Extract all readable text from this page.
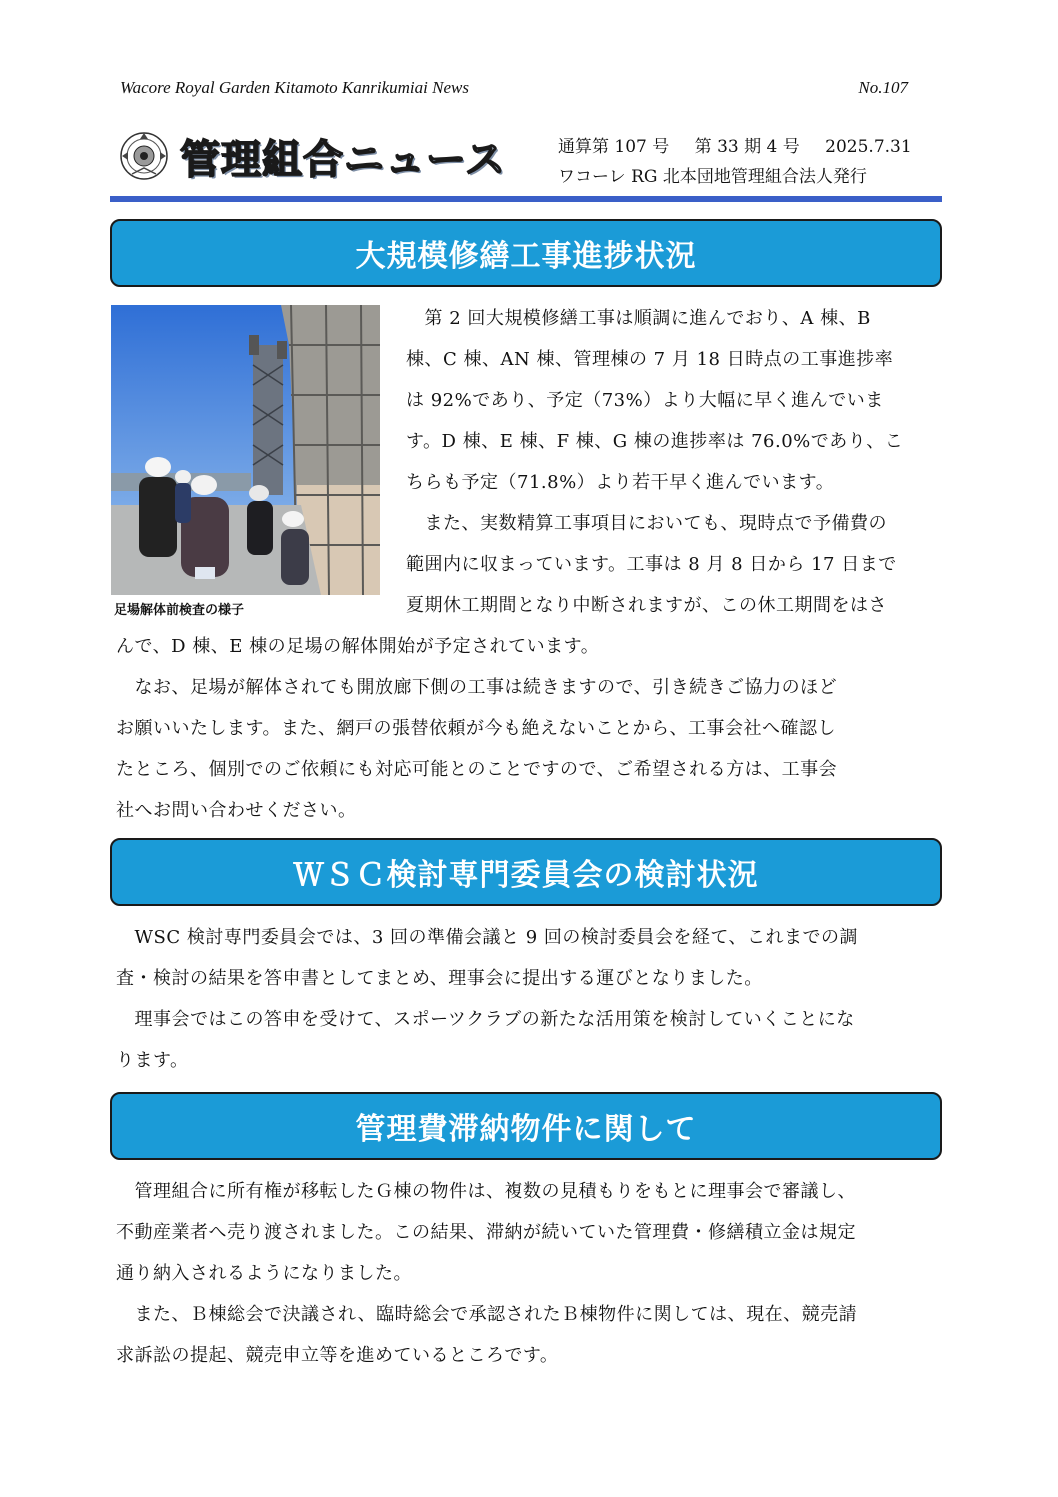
Wacore Royal Garden Kitamoto Kanrikumiai News	No.107
管理組合ニュース	通算第 107 号 第 33 期 4 号 2025.7.31
ワコーレ RG 北本団地管理組合法人発行
大規模修繕工事進捗状況
足場解体前検査の様子
　第 2 回大規模修繕工事は順調に進んでおり、A 棟、B
棟、C 棟、AN 棟、管理棟の 7 月 18 日時点の工事進捗率
は 92%であり、予定（73%）より大幅に早く進んでいま
す。D 棟、E 棟、F 棟、G 棟の進捗率は 76.0%であり、こ
ちらも予定（71.8%）より若干早く進んでいます。
　また、実数精算工事項目においても、現時点で予備費の
範囲内に収まっています。工事は 8 月 8 日から 17 日まで
夏期休工期間となり中断されますが、この休工期間をはさ
んで、D 棟、E 棟の足場の解体開始が予定されています。
　なお、足場が解体されても開放廊下側の工事は続きますので、引き続きご協力のほど
お願いいたします。また、網戸の張替依頼が今も絶えないことから、工事会社へ確認し
たところ、個別でのご依頼にも対応可能とのことですので、ご希望される方は、工事会
社へお問い合わせください。
ＷＳＣ検討専門委員会の検討状況
　WSC 検討専門委員会では、3 回の準備会議と 9 回の検討委員会を経て、これまでの調
査・検討の結果を答申書としてまとめ、理事会に提出する運びとなりました。
　理事会ではこの答申を受けて、スポーツクラブの新たな活用策を検討していくことにな
ります。
管理費滞納物件に関して
　管理組合に所有権が移転したＧ棟の物件は、複数の見積もりをもとに理事会で審議し、
不動産業者へ売り渡されました。この結果、滞納が続いていた管理費・修繕積立金は規定
通り納入されるようになりました。
　また、Ｂ棟総会で決議され、臨時総会で承認されたＢ棟物件に関しては、現在、競売請
求訴訟の提起、競売申立等を進めているところです。
